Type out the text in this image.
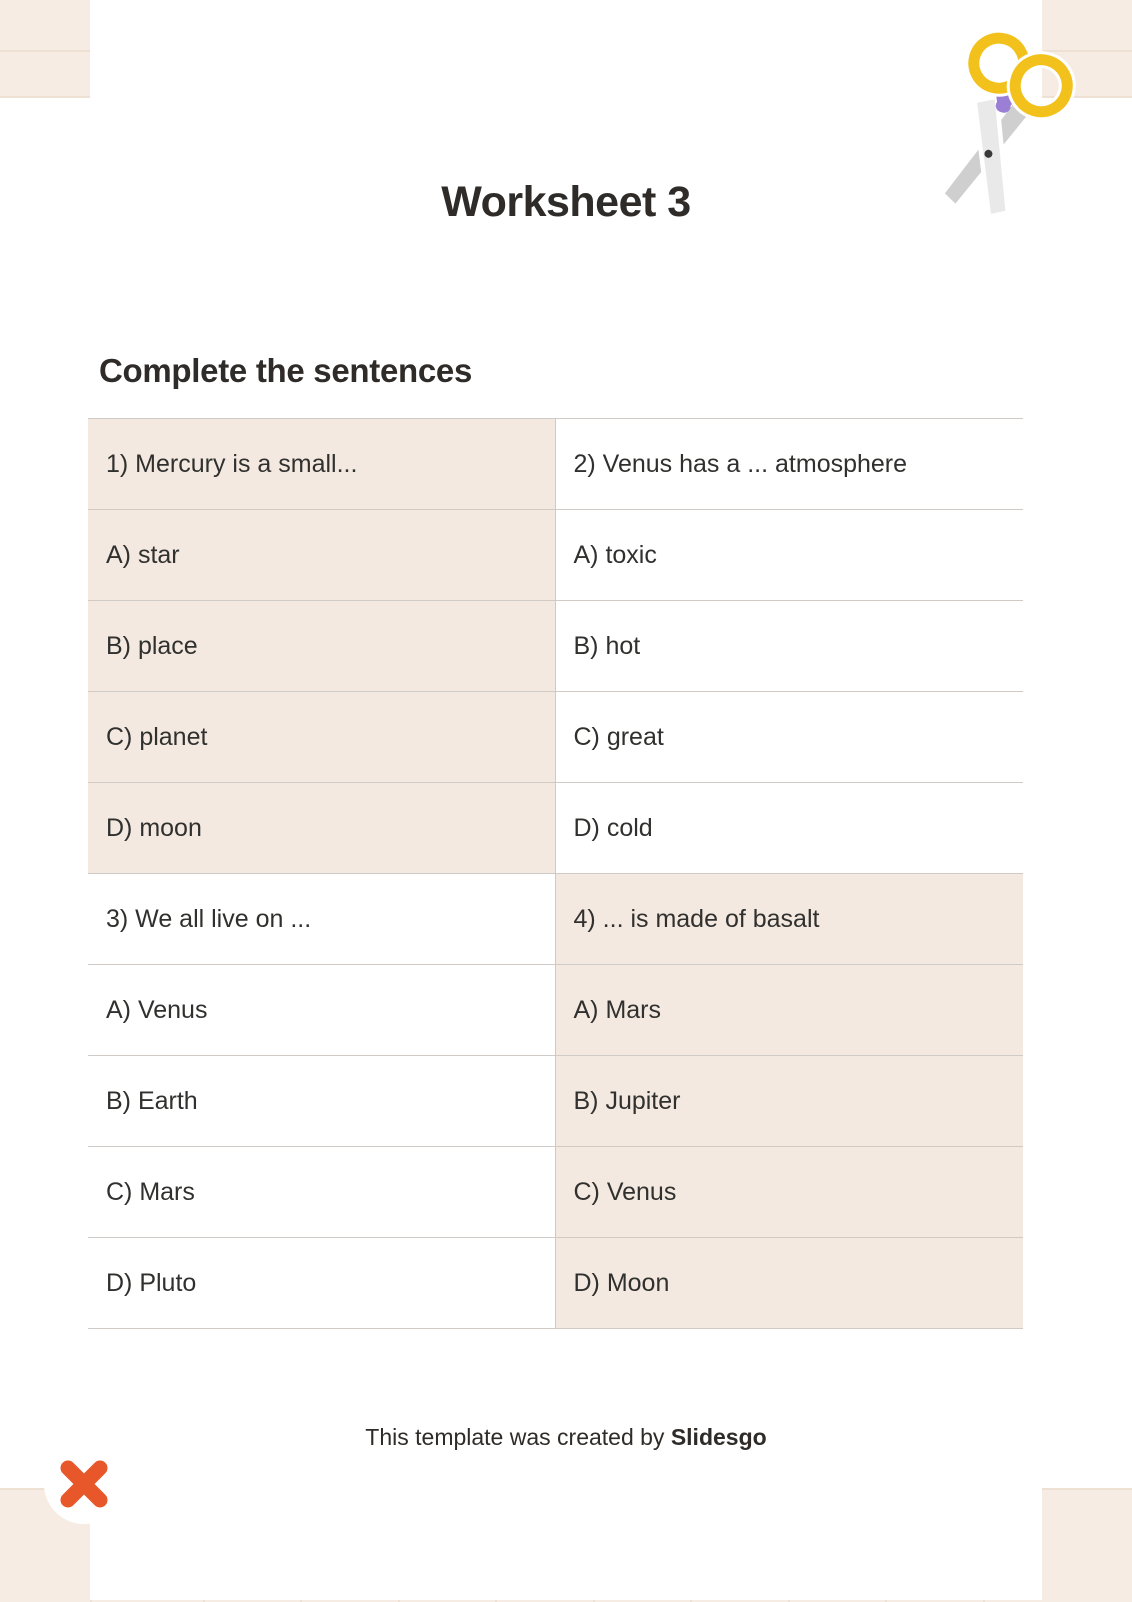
Worksheet 3
Complete the sentences
1) Mercury is a small...	2) Venus has a ... atmosphere
A) star	A) toxic
B) place	B) hot
C) planet	C) great
D) moon	D) cold
3) We all live on ...	4) ... is made of basalt
A) Venus	A) Mars
B) Earth	B) Jupiter
C) Mars	C) Venus
D) Pluto	D) Moon
This template was created by Slidesgo
